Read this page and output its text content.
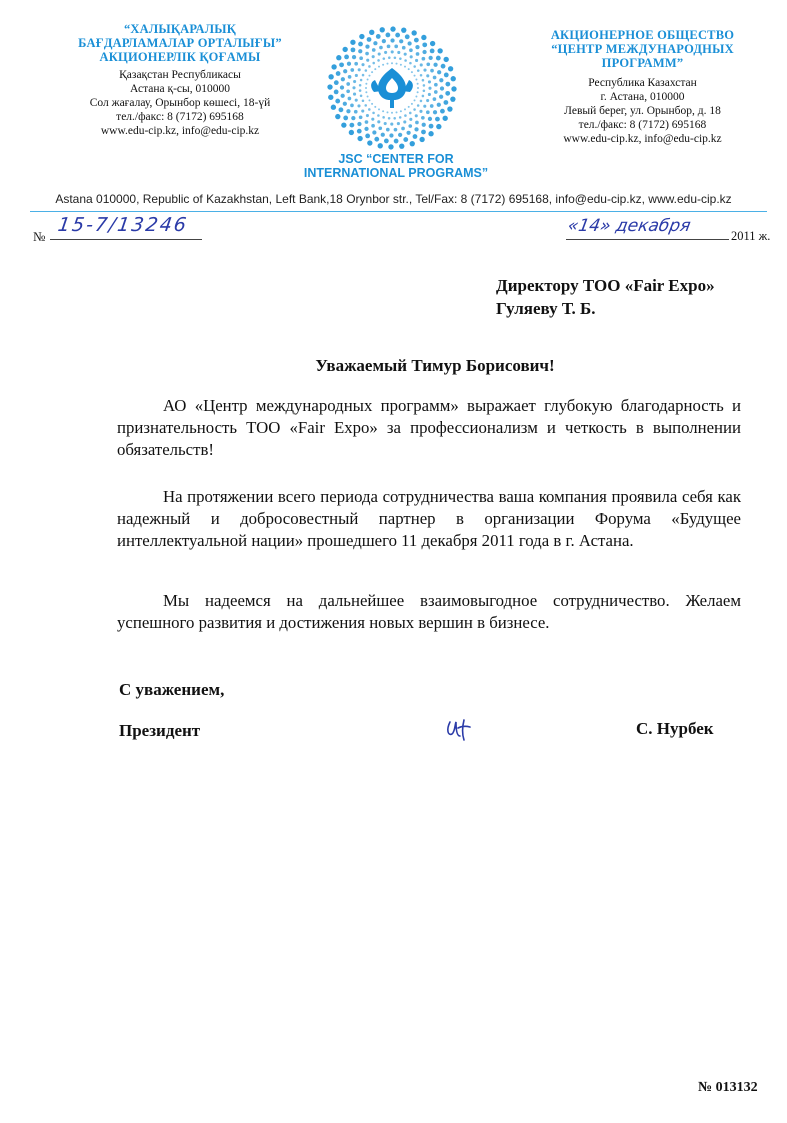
“ХАЛЫҚАРАЛЫҚ
БАҒДАРЛАМАЛАР ОРТАЛЫҒЫ”
АКЦИОНЕРЛІК ҚОҒАМЫ
Қазақстан Республикасы
Астана қ-сы, 010000
Сол жағалау, Орынбор көшесі, 18-үй
тел./факс: 8 (7172) 695168
www.edu-cip.kz, info@edu-cip.kz
JSC “CENTER FOR
INTERNATIONAL PROGRAMS”
АКЦИОНЕРНОЕ ОБЩЕСТВО
“ЦЕНТР МЕЖДУНАРОДНЫХ
ПРОГРАММ”
Республика Казахстан
г. Астана, 010000
Левый берег, ул. Орынбор, д. 18
тел./факс: 8 (7172) 695168
www.edu-cip.kz, info@edu-cip.kz
Astana 010000, Republic of Kazakhstan, Left Bank,18 Orynbor str., Tel/Fax: 8 (7172) 695168, info@edu-cip.kz, www.edu-cip.kz
№
15-7/13246	«14» декабря	2011 ж.
Директору ТОО «Fair Expo»
Гуляеву Т. Б.
Уважаемый Тимур Борисович!
АО «Центр международных программ» выражает глубокую благодарность и признательность ТОО «Fair Expo» за профессионализм и четкость в выполнении обязательств!
На протяжении всего периода сотрудничества ваша компания проявила себя как надежный и добросовестный партнер в организации Форума «Будущее интеллектуальной нации» прошедшего 11 декабря 2011 года в г. Астана.
Мы надеемся на дальнейшее взаимовыгодное сотрудничество. Желаем успешного развития и достижения новых вершин в бизнесе.
С уважением,
Президент	С. Нурбек
№ 013132
